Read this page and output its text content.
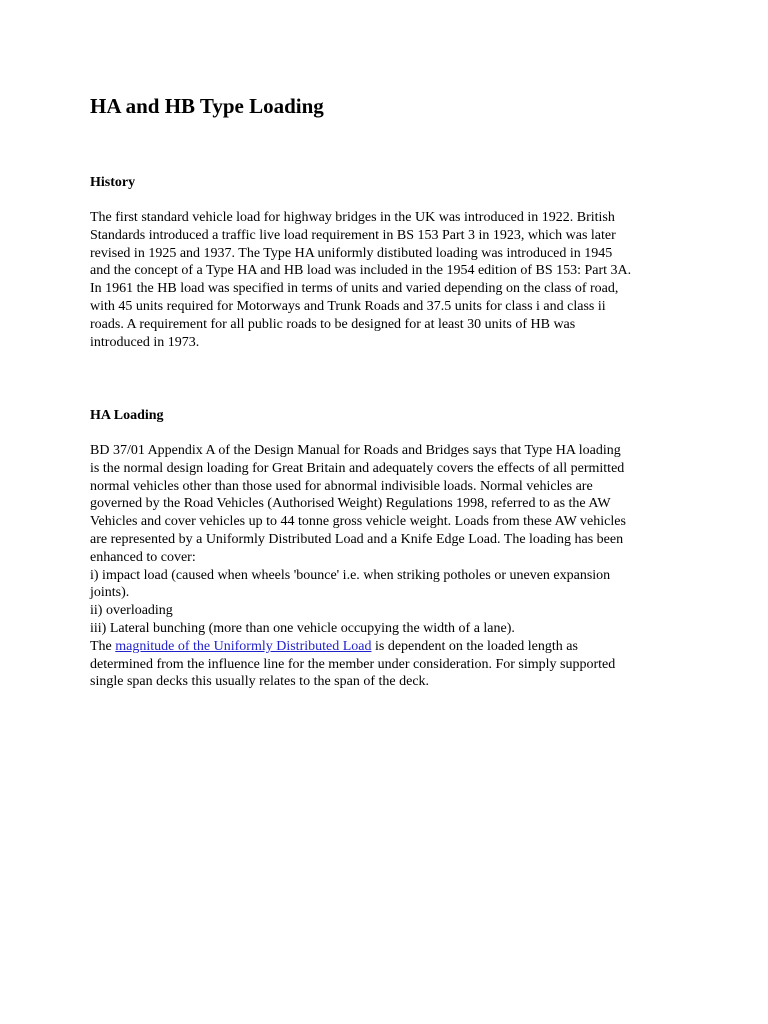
HA and HB Type Loading
History
The first standard vehicle load for highway bridges in the UK was introduced in 1922. British
Standards introduced a traffic live load requirement in BS 153 Part 3 in 1923, which was later
revised in 1925 and 1937. The Type HA uniformly distibuted loading was introduced in 1945
and the concept of a Type HA and HB load was included in the 1954 edition of BS 153: Part 3A.
In 1961 the HB load was specified in terms of units and varied depending on the class of road,
with 45 units required for Motorways and Trunk Roads and 37.5 units for class i and class ii
roads. A requirement for all public roads to be designed for at least 30 units of HB was
introduced in 1973.
HA Loading
BD 37/01 Appendix A of the Design Manual for Roads and Bridges says that Type HA loading
is the normal design loading for Great Britain and adequately covers the effects of all permitted
normal vehicles other than those used for abnormal indivisible loads. Normal vehicles are
governed by the Road Vehicles (Authorised Weight) Regulations 1998, referred to as the AW
Vehicles and cover vehicles up to 44 tonne gross vehicle weight. Loads from these AW vehicles
are represented by a Uniformly Distributed Load and a Knife Edge Load. The loading has been
enhanced to cover:
i) impact load (caused when wheels 'bounce' i.e. when striking potholes or uneven expansion
joints).
ii) overloading
iii) Lateral bunching (more than one vehicle occupying the width of a lane).
The magnitude of the Uniformly Distributed Load is dependent on the loaded length as
determined from the influence line for the member under consideration. For simply supported
single span decks this usually relates to the span of the deck.
